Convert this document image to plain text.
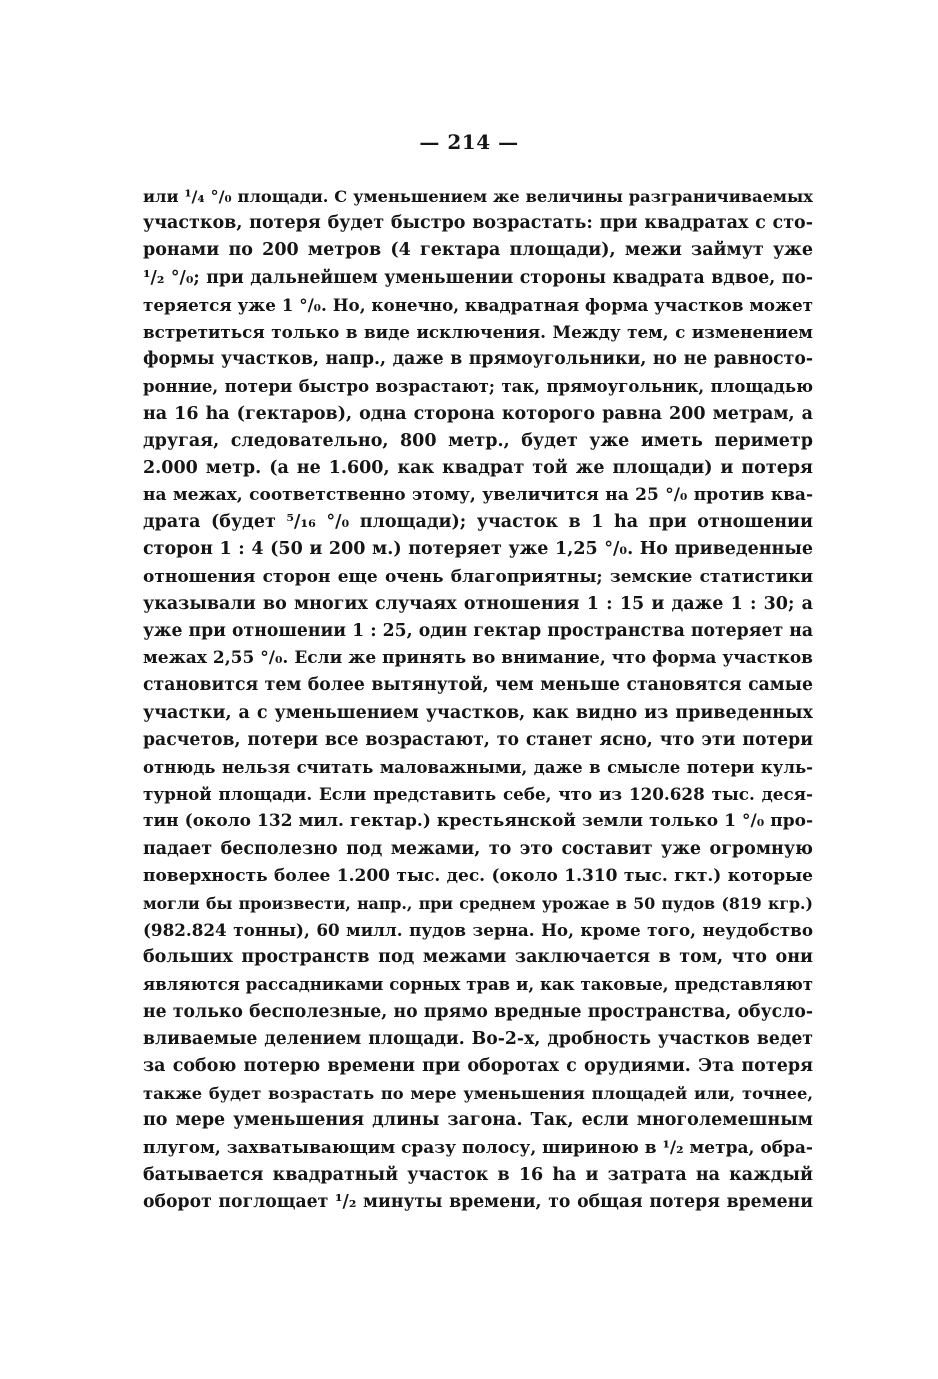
— 214 —
или ¹/₄ °/₀ площади. С уменьшением же величины разграничиваемых
участков, потеря будет быстро возрастать: при квадратах с сто-
ронами по 200 метров (4 гектара площади), межи займут уже
¹/₂ °/₀; при дальнейшем уменьшении стороны квадрата вдвое, по-
теряется уже 1 °/₀. Но, конечно, квадратная форма участков может
встретиться только в виде исключения. Между тем, с изменением
формы участков, напр., даже в прямоугольники, но не равносто-
ронние, потери быстро возрастают; так, прямоугольник, площадью
на 16 ha (гектаров), одна сторона которого равна 200 метрам, а
другая, следовательно, 800 метр., будет уже иметь периметр
2.000 метр. (а не 1.600, как квадрат той же площади) и потеря
на межах, соответственно этому, увеличится на 25 °/₀ против ква-
драта (будет ⁵/₁₆ °/₀ площади); участок в 1 ha при отношении
сторон 1 : 4 (50 и 200 м.) потеряет уже 1,25 °/₀. Но приведенные
отношения сторон еще очень благоприятны; земские статистики
указывали во многих случаях отношения 1 : 15 и даже 1 : 30; а
уже при отношении 1 : 25, один гектар пространства потеряет на
межах 2,55 °/₀. Если же принять во внимание, что форма участков
становится тем более вытянутой, чем меньше становятся самые
участки, а с уменьшением участков, как видно из приведенных
расчетов, потери все возрастают, то станет ясно, что эти потери
отнюдь нельзя считать маловажными, даже в смысле потери куль-
турной площади. Если представить себе, что из 120.628 тыс. деся-
тин (около 132 мил. гектар.) крестьянской земли только 1 °/₀ про-
падает бесполезно под межами, то это составит уже огромную
поверхность более 1.200 тыс. дес. (около 1.310 тыс. гкт.) которые
могли бы произвести, напр., при среднем урожае в 50 пудов (819 кгр.)
(982.824 тонны), 60 милл. пудов зерна. Но, кроме того, неудобство
больших пространств под межами заключается в том, что они
являются рассадниками сорных трав и, как таковые, представляют
не только бесполезные, но прямо вредные пространства, обусло-
вливаемые делением площади. Во-2-х, дробность участков ведет
за собою потерю времени при оборотах с орудиями. Эта потеря
также будет возрастать по мере уменьшения площадей или, точнее,
по мере уменьшения длины загона. Так, если многолемешным
плугом, захватывающим сразу полосу, шириною в ¹/₂ метра, обра-
батывается квадратный участок в 16 ha и затрата на каждый
оборот поглощает ¹/₂ минуты времени, то общая потеря времени
